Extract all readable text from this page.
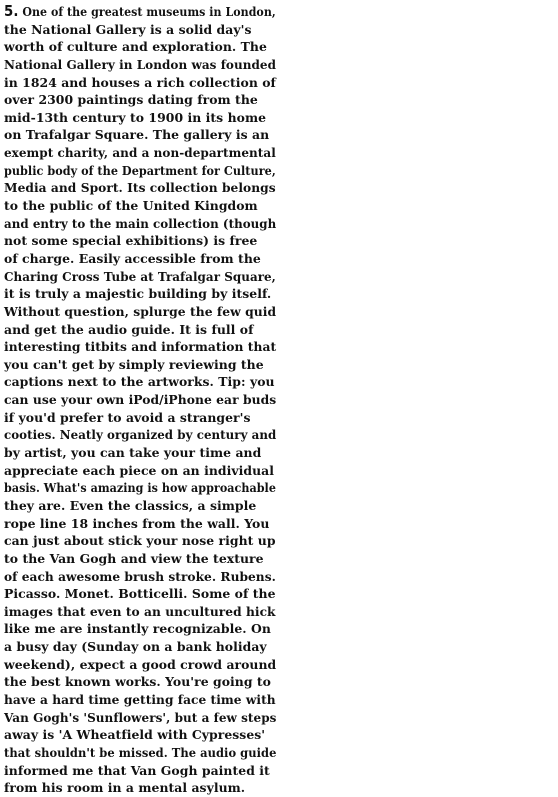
5. One of the greatest museums in London,
the National Gallery is a solid day's
worth of culture and exploration. The
National Gallery in London was founded
in 1824 and houses a rich collection of
over 2300 paintings dating from the
mid-13th century to 1900 in its home
on Trafalgar Square. The gallery is an
exempt charity, and a non-departmental
public body of the Department for Culture,
Media and Sport. Its collection belongs
to the public of the United Kingdom
and entry to the main collection (though
not some special exhibitions) is free
of charge. Easily accessible from the
Charing Cross Tube at Trafalgar Square,
it is truly a majestic building by itself.
Without question, splurge the few quid
and get the audio guide. It is full of
interesting titbits and information that
you can't get by simply reviewing the
captions next to the artworks. Tip: you
can use your own iPod/iPhone ear buds
if you'd prefer to avoid a stranger's
cooties. Neatly organized by century and
by artist, you can take your time and
appreciate each piece on an individual
basis. What's amazing is how approachable
they are. Even the classics, a simple
rope line 18 inches from the wall. You
can just about stick your nose right up
to the Van Gogh and view the texture
of each awesome brush stroke. Rubens.
Picasso. Monet. Botticelli. Some of the
images that even to an uncultured hick
like me are instantly recognizable. On
a busy day (Sunday on a bank holiday
weekend), expect a good crowd around
the best known works. You're going to
have a hard time getting face time with
Van Gogh's 'Sunflowers', but a few steps
away is 'A Wheatfield with Cypresses'
that shouldn't be missed. The audio guide
informed me that Van Gogh painted it
from his room in a mental asylum.
